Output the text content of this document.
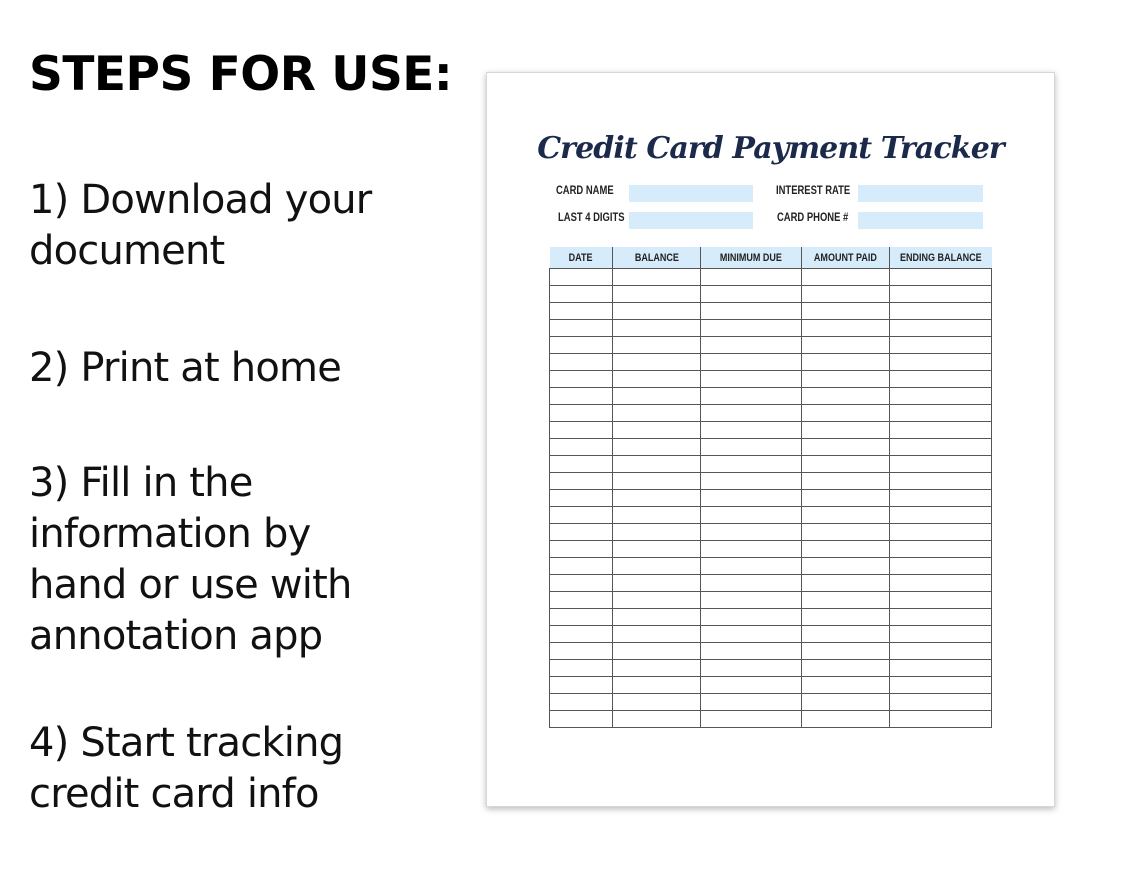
STEPS FOR USE:

1) Download your
document

2) Print at home

3) Fill in the
information by
hand or use with
annotation app

4) Start tracking
credit card info

Credit Card Payment Tracker
CARD NAME
LAST 4 DIGITS
INTEREST RATE
CARD PHONE #
DATE	BALANCE	MINIMUM DUE	AMOUNT PAID	ENDING BALANCE
